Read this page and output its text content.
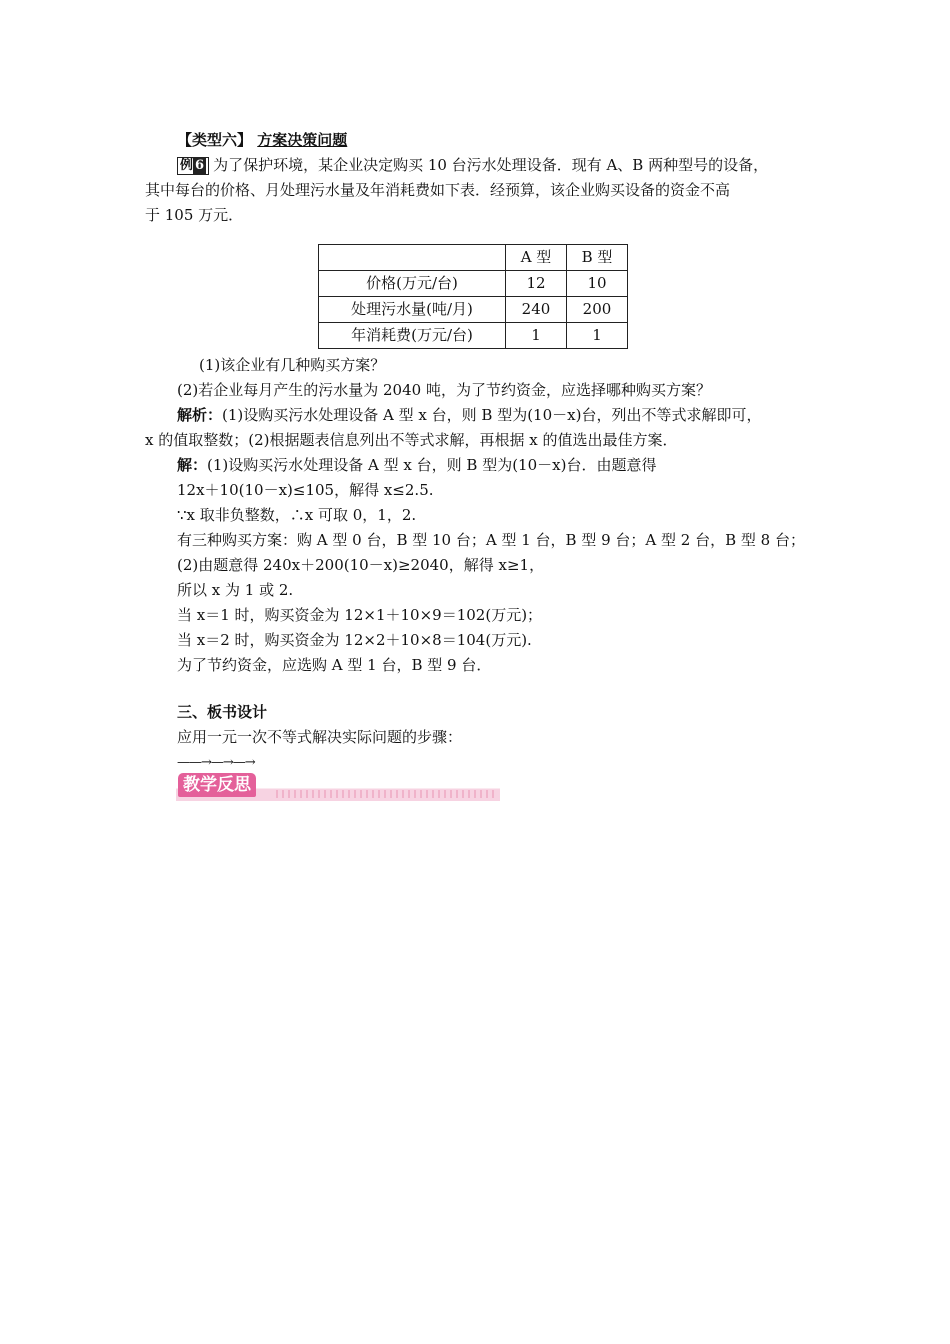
【类型六】 方案决策问题
例 6 为了保护环境，某企业决定购买 10 台污水处理设备．现有 A、B 两种型号的设备，
其中每台的价格、月处理污水量及年消耗费如下表．经预算，该企业购买设备的资金不高
于 105 万元．
	A 型	B 型
价格(万元/台)	12	10
处理污水量(吨/月)	240	200
年消耗费(万元/台)	1	1
(1)该企业有几种购买方案？
(2)若企业每月产生的污水量为 2040 吨，为了节约资金，应选择哪种购买方案？
解析：(1)设购买污水处理设备 A 型 x 台，则 B 型为(10－x)台，列出不等式求解即可，
x 的值取整数；(2)根据题表信息列出不等式求解，再根据 x 的值选出最佳方案．
解：(1)设购买污水处理设备 A 型 x 台，则 B 型为(10－x)台．由题意得
12x＋10(10－x)≤105，解得 x≤2.5.
∵x 取非负整数，∴x 可取 0，1，2.
有三种购买方案：购 A 型 0 台，B 型 10 台；A 型 1 台，B 型 9 台；A 型 2 台，B 型 8 台；
(2)由题意得 240x＋200(10－x)≥2040，解得 x≥1，
所以 x 为 1 或 2.
当 x＝1 时，购买资金为 12×1＋10×9＝102(万元)；
当 x＝2 时，购买资金为 12×2＋10×8＝104(万元).
为了节约资金，应选购 A 型 1 台，B 型 9 台．
三、板书设计
应用一元一次不等式解决实际问题的步骤：
——→—→—→
教学反思
